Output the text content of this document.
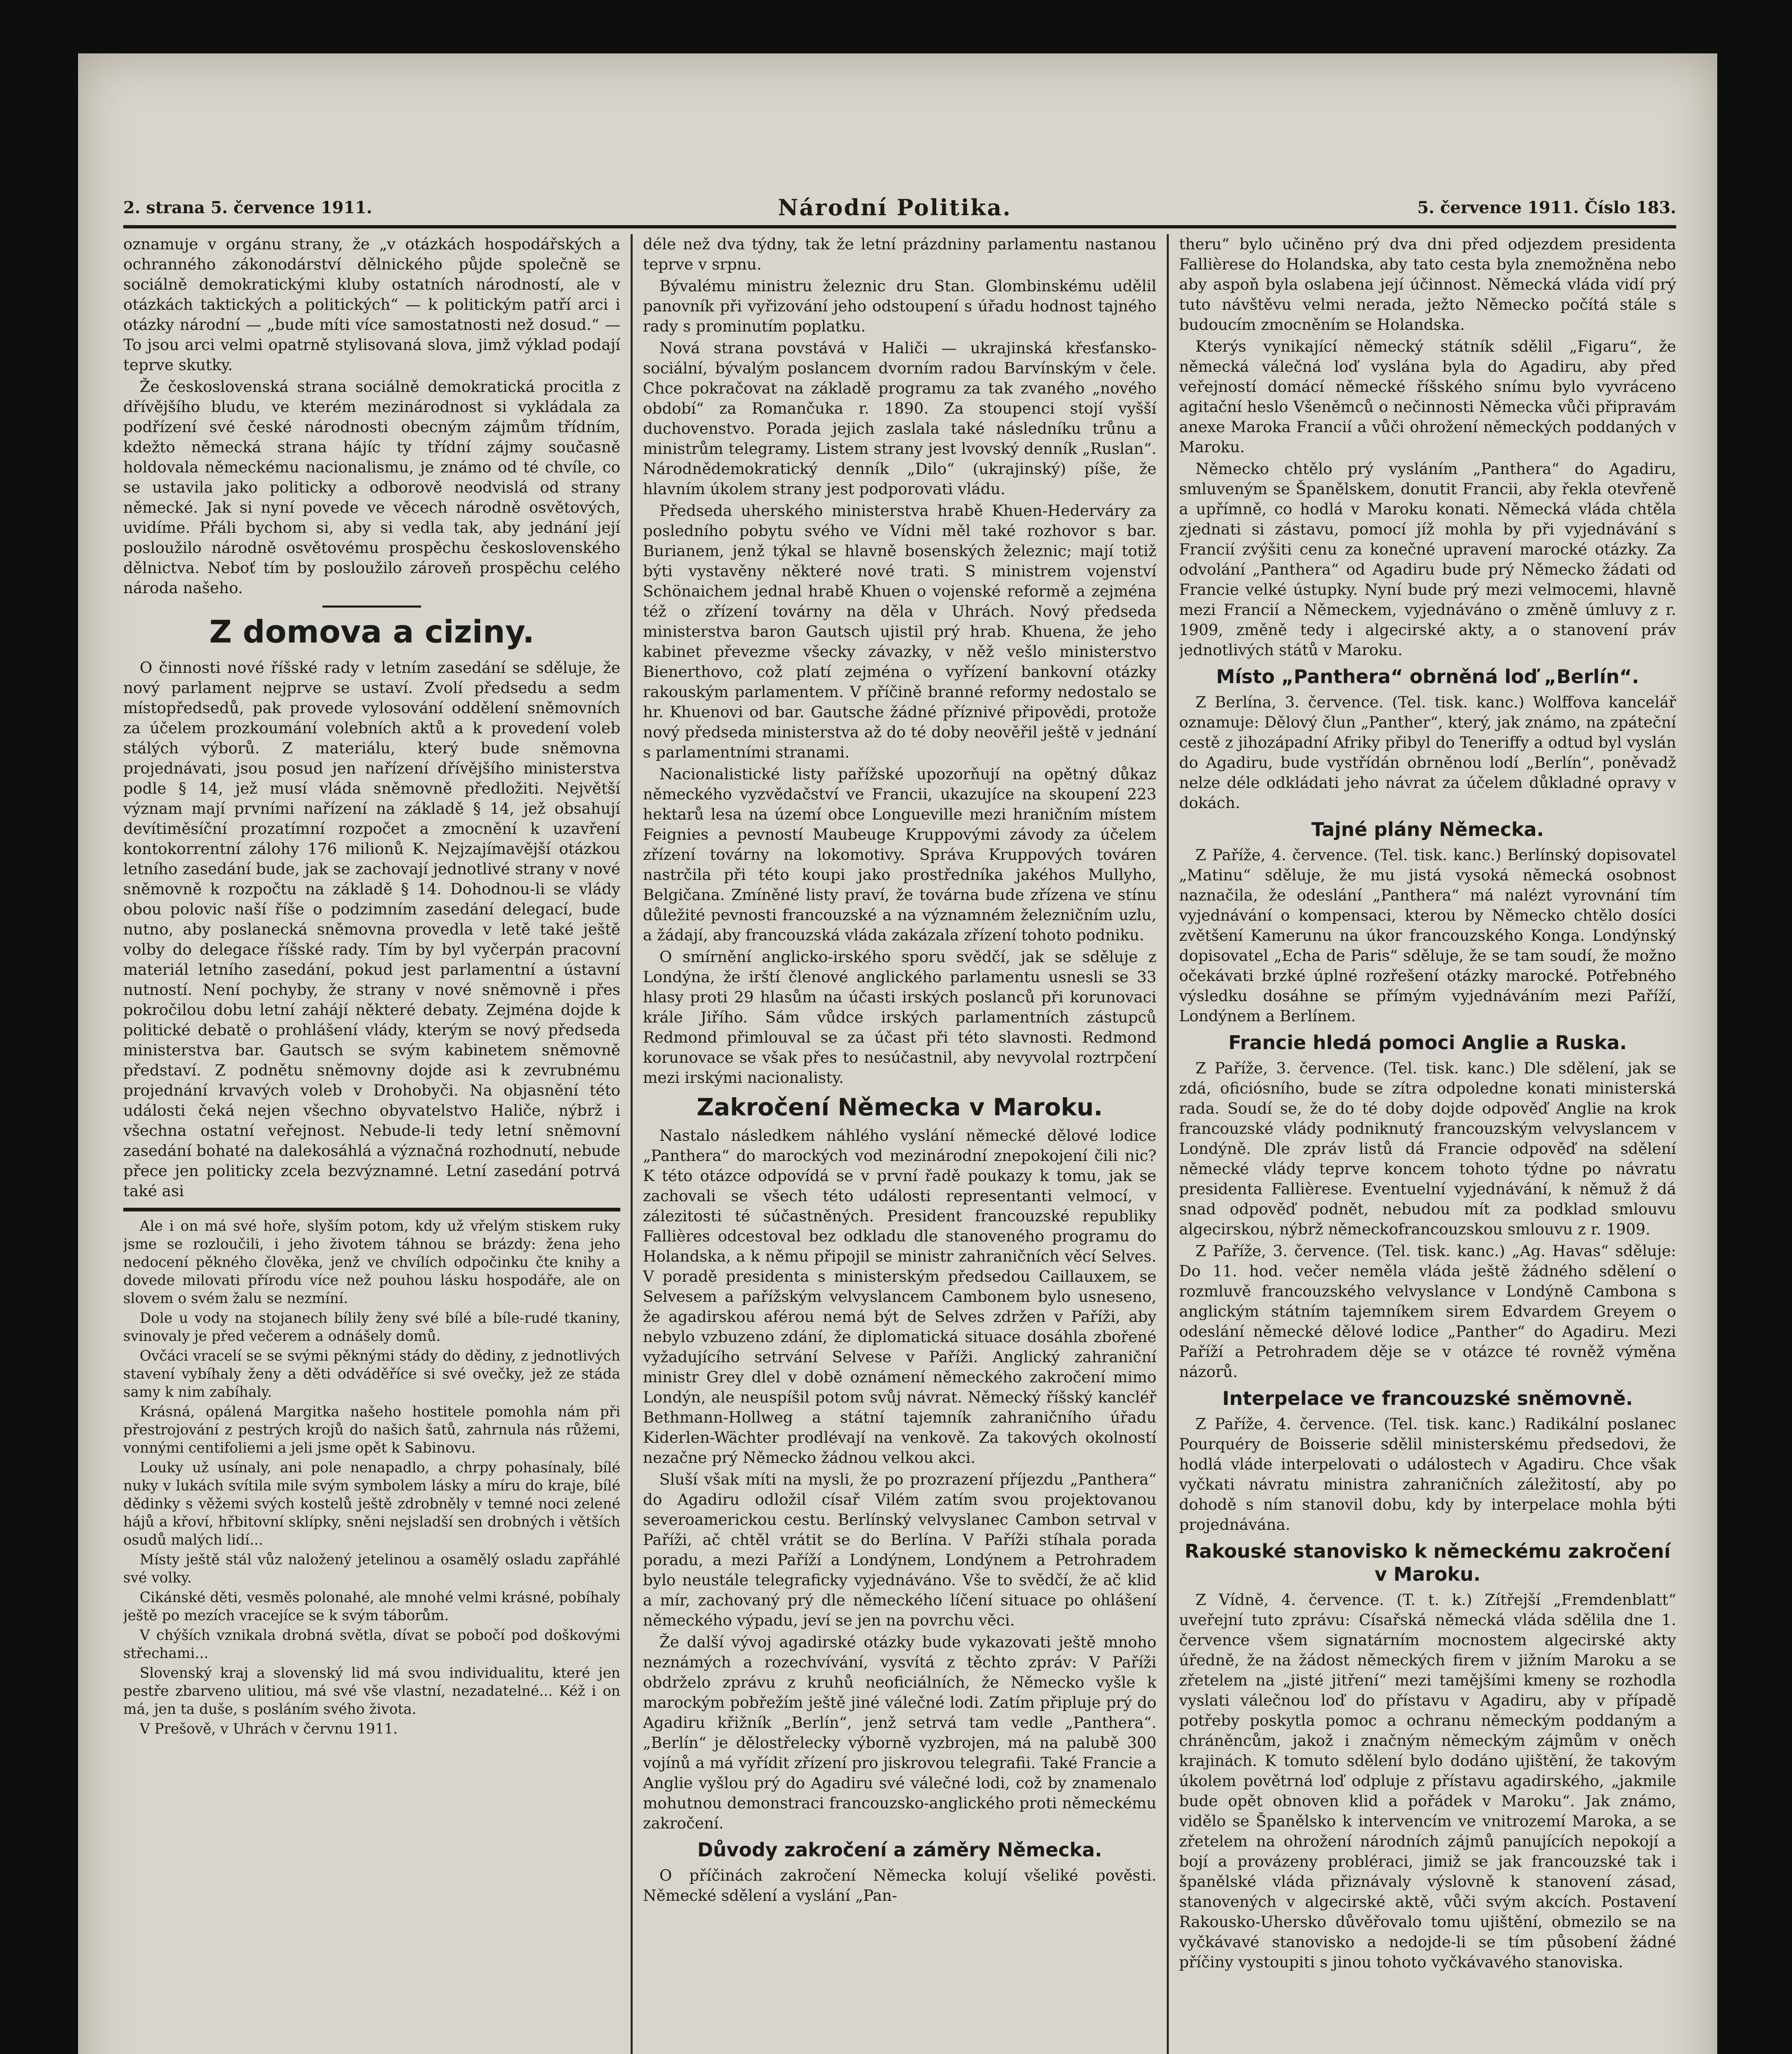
2. strana 5. července 1911.	Národní Politika.	5. července 1911. Číslo 183.

oznamuje v orgánu strany, že „v otázkách hospodářských a ochranného zákonodárství dělnického půjde společně se sociálně demokratickými kluby ostatních národností, ale v otázkách taktických a politických“ — k politickým patří arci i otázky národní — „bude míti více samostatnosti než dosud.“ — To jsou arci velmi opatrně stylisovaná slova, jimž výklad podají teprve skutky.

Že československá strana sociálně demokratická procitla z dřívějšího bludu, ve kterém mezinárodnost si vykládala za podřízení své české národnosti obecným zájmům třídním, kdežto německá strana hájíc ty třídní zájmy současně holdovala německému nacionalismu, je známo od té chvíle, co se ustavila jako politicky a odborově neodvislá od strany německé. Jak si nyní povede ve věcech národně osvětových, uvidíme. Přáli bychom si, aby si vedla tak, aby jednání její posloužilo národně osvětovému prospěchu československého dělnictva. Neboť tím by posloužilo zároveň prospěchu celého národa našeho.

Z domova a ciziny.

O činnosti nové říšské rady v letním zasedání se sděluje, že nový parlament nejprve se ustaví. Zvolí předsedu a sedm místopředsedů, pak provede vylosování oddělení sněmovních za účelem prozkoumání volebních aktů a k provedení voleb stálých výborů. Z materiálu, který bude sněmovna projednávati, jsou posud jen nařízení dřívějšího ministerstva podle § 14, jež musí vláda sněmovně předložiti. Největší význam mají prvními nařízení na základě § 14, jež obsahují devítiměsíční prozatímní rozpočet a zmocnění k uzavření kontokorrentní zálohy 176 milionů K. Nejzajímavější otázkou letního zasedání bude, jak se zachovají jednotlivé strany v nové sněmovně k rozpočtu na základě § 14. Dohodnou-li se vlády obou polovic naší říše o podzimním zasedání delegací, bude nutno, aby poslanecká sněmovna provedla v letě také ještě volby do delegace říšské rady. Tím by byl vyčerpán pracovní materiál letního zasedání, pokud jest parlamentní a ústavní nutností. Není pochyby, že strany v nové sněmovně i přes pokročilou dobu letní zahájí některé debaty. Zejména dojde k politické debatě o prohlášení vlády, kterým se nový předseda ministerstva bar. Gautsch se svým kabinetem sněmovně představí. Z podnětu sněmovny dojde asi k zevrubnému projednání krvavých voleb v Drohobyči. Na objasnění této události čeká nejen všechno obyvatelstvo Haliče, nýbrž i všechna ostatní veřejnost. Nebude-li tedy letní sněmovní zasedání bohaté na dalekosáhlá a význačná rozhodnutí, nebude přece jen politicky zcela bezvýznamné. Letní zasedání potrvá také asi

Ale i on má své hoře, slyším potom, kdy už vřelým stiskem ruky jsme se rozloučili, i jeho životem táhnou se brázdy: žena jeho nedocení pěkného člověka, jenž ve chvílích odpočinku čte knihy a dovede milovati přírodu více než pouhou lásku hospodáře, ale on slovem o svém žalu se nezmíní.

Dole u vody na stojanech bílily ženy své bílé a bíle-rudé tkaniny, svinovaly je před večerem a odnášely domů.

Ovčáci vracelí se se svými pěknými stády do dědiny, z jednotlivých stavení vybíhaly ženy a děti odváděříce si své ovečky, jež ze stáda samy k nim zabíhaly.

Krásná, opálená Margitka našeho hostitele pomohla nám při přestrojování z pestrých krojů do našich šatů, zahrnula nás růžemi, vonnými centifoliemi a jeli jsme opět k Sabinovu.

Louky už usínaly, ani pole nenapadlo, a chrpy pohasínaly, bílé nuky v lukách svítila mile svým symbolem lásky a míru do kraje, bílé dědinky s věžemi svých kostelů ještě zdrobněly v temné noci zelené hájů a křoví, hřbitovní sklípky, sněni nejsladší sen drobných i větších osudů malých lidí...

Místy ještě stál vůz naložený jetelinou a osamělý osladu zapřáhlé své volky.

Cikánské děti, vesměs polonahé, ale mnohé velmi krásné, pobíhaly ještě po mezích vracejíce se k svým táborům.

V chýších vznikala drobná světla, dívat se pobočí pod doškovými střechami...

Slovenský kraj a slovenský lid má svou individualitu, které jen pestře zbarveno ulitiou, má své vše vlastní, nezadatelné... Kéž i on má, jen ta duše, s posláním svého života.

V Prešově, v Uhrách v červnu 1911.

déle než dva týdny, tak že letní prázdniny parlamentu nastanou teprve v srpnu.

Bývalému ministru železnic dru Stan. Glombinskému udělil panovník při vyřizování jeho odstoupení s úřadu hodnost tajného rady s prominutím poplatku.

Nová strana povstává v Haliči — ukrajinská křesťansko-sociální, bývalým poslancem dvorním radou Barvínským v čele. Chce pokračovat na základě programu za tak zvaného „nového období“ za Romančuka r. 1890. Za stoupenci stojí vyšší duchovenstvo. Porada jejich zaslala také následníku trůnu a ministrům telegramy. Listem strany jest lvovský denník „Ruslan“. Národnědemokratický denník „Dilo“ (ukrajinský) píše, že hlavním úkolem strany jest podporovati vládu.

Předseda uherského ministerstva hrabě Khuen-Hederváry za posledního pobytu svého ve Vídni měl také rozhovor s bar. Burianem, jenž týkal se hlavně bosenských železnic; mají totiž býti vystavěny některé nové trati. S ministrem vojenství Schönaichem jednal hrabě Khuen o vojenské reformě a zejména též o zřízení továrny na děla v Uhrách. Nový předseda ministerstva baron Gautsch ujistil prý hrab. Khuena, že jeho kabinet převezme všecky závazky, v něž vešlo ministerstvo Bienerthovo, což platí zejména o vyřízení bankovní otázky rakouským parlamentem. V příčině branné reformy nedostalo se hr. Khuenovi od bar. Gautsche žádné příznivé připovědi, protože nový předseda ministerstva až do té doby neověřil ještě v jednání s parlamentními stranami.

Nacionalistické listy pařížské upozorňují na opětný důkaz německého vyzvědačství ve Francii, ukazujíce na skoupení 223 hektarů lesa na území obce Longueville mezi hraničním místem Feignies a pevností Maubeuge Kruppovými závody za účelem zřízení továrny na lokomotivy. Správa Kruppových továren nastrčila při této koupi jako prostředníka jakéhos Mullyho, Belgičana. Zmíněné listy praví, že továrna bude zřízena ve stínu důležité pevnosti francouzské a na významném železničním uzlu, a žádají, aby francouzská vláda zakázala zřízení tohoto podniku.

O smírnění anglicko-irského sporu svědčí, jak se sděluje z Londýna, že irští členové anglického parlamentu usnesli se 33 hlasy proti 29 hlasům na účasti irských poslanců při korunovaci krále Jiřího. Sám vůdce irských parlamentních zástupců Redmond přimlouval se za účast při této slavnosti. Redmond korunovace se však přes to nesúčastnil, aby nevyvolal roztrpčení mezi irskými nacionalisty.

Zakročení Německa v Maroku.

Nastalo následkem náhlého vyslání německé dělové lodice „Panthera“ do marockých vod mezinárodní znepokojení čili nic? K této otázce odpovídá se v první řadě poukazy k tomu, jak se zachovali se všech této události representanti velmocí, v zálezitosti té súčastněných. President francouzské republiky Fallières odcestoval bez odkladu dle stanoveného programu do Holandska, a k němu připojil se ministr zahraničních věcí Selves. V poradě presidenta s ministerským předsedou Caillauxem, se Selvesem a pařížským velvyslancem Cambonem bylo usneseno, že agadirskou aférou nemá být de Selves zdržen v Paříži, aby nebylo vzbuzeno zdání, že diplomatická situace dosáhla zbořené vyžadujícího setrvání Selvese v Paříži. Anglický zahraniční ministr Grey dlel v době oznámení německého zakročení mimo Londýn, ale neuspíšil potom svůj návrat. Německý říšský kancléř Bethmann-Hollweg a státní tajemník zahraničního úřadu Kiderlen-Wächter prodlévají na venkově. Za takových okolností nezačne prý Německo žádnou velkou akci.

Sluší však míti na mysli, že po prozrazení příjezdu „Panthera“ do Agadiru odložil císař Vilém zatím svou projektovanou severoamerickou cestu. Berlínský velvyslanec Cambon setrval v Paříži, ač chtěl vrátit se do Berlína. V Paříži stíhala porada poradu, a mezi Paříží a Londýnem, Londýnem a Petrohradem bylo neustále telegraficky vyjednáváno. Vše to svědčí, že ač klid a mír, zachovaný prý dle německého líčení situace po ohlášení německého výpadu, jeví se jen na povrchu věci.

Že další vývoj agadirské otázky bude vykazovati ještě mnoho neznámých a rozechvívání, vysvítá z těchto zpráv: V Paříži obdrželo zprávu z kruhů neoficiálních, že Německo vyšle k marockým pobřežím ještě jiné válečné lodi. Zatím připluje prý do Agadiru křižník „Berlín“, jenž setrvá tam vedle „Panthera“. „Berlín“ je dělostřelecky výborně vyzbrojen, má na palubě 300 vojínů a má vyřídit zřízení pro jiskrovou telegrafii. Také Francie a Anglie vyšlou prý do Agadiru své válečné lodi, což by znamenalo mohutnou demonstraci francouzsko-anglického proti německému zakročení.

Důvody zakročení a záměry Německa.

O příčinách zakročení Německa kolují všeliké pověsti. Německé sdělení a vyslání „Pan-

theru“ bylo učiněno prý dva dni před odjezdem presidenta Fallièrese do Holandska, aby tato cesta byla znemožněna nebo aby aspoň byla oslabena její účinnost. Německá vláda vidí prý tuto návštěvu velmi nerada, ježto Německo počítá stále s budoucím zmocněním se Holandska.

Kterýs vynikající německý státník sdělil „Figaru“, že německá válečná loď vyslána byla do Agadiru, aby před veřejností domácí německé říšského snímu bylo vyvráceno agitační heslo Všeněmců o nečinnosti Německa vůči připravám anexe Maroka Francií a vůči ohrožení německých poddaných v Maroku.

Německo chtělo prý vysláním „Panthera“ do Agadiru, smluveným se Španělskem, donutit Francii, aby řekla otevřeně a upřímně, co hodlá v Maroku konati. Německá vláda chtěla zjednati si zástavu, pomocí jíž mohla by při vyjednávání s Francií zvýšiti cenu za konečné upravení marocké otázky. Za odvolání „Panthera“ od Agadiru bude prý Německo žádati od Francie velké ústupky. Nyní bude prý mezi velmocemi, hlavně mezi Francií a Německem, vyjednáváno o změně úmluvy z r. 1909, změně tedy i algecirské akty, a o stanovení práv jednotlivých států v Maroku.

Místo „Panthera“ obrněná loď „Berlín“.

Z Berlína, 3. července. (Tel. tisk. kanc.) Wolffova kancelář oznamuje: Dělový člun „Panther“, který, jak známo, na zpáteční cestě z jihozápadní Afriky přibyl do Teneriffy a odtud byl vyslán do Agadiru, bude vystřídán obrněnou lodí „Berlín“, poněvadž nelze déle odkládati jeho návrat za účelem důkladné opravy v dokách.

Tajné plány Německa.

Z Paříže, 4. července. (Tel. tisk. kanc.) Berlínský dopisovatel „Matinu“ sděluje, že mu jistá vysoká německá osobnost naznačila, že odeslání „Panthera“ má nalézt vyrovnání tím vyjednávání o kompensaci, kterou by Německo chtělo dosíci zvětšení Kamerunu na úkor francouzského Konga. Londýnský dopisovatel „Echa de Paris“ sděluje, že se tam soudí, že možno očekávati brzké úplné rozřešení otázky marocké. Potřebného výsledku dosáhne se přímým vyjednáváním mezi Paříží, Londýnem a Berlínem.

Francie hledá pomoci Anglie a Ruska.

Z Paříže, 3. července. (Tel. tisk. kanc.) Dle sdělení, jak se zdá, oficiósního, bude se zítra odpoledne konati ministerská rada. Soudí se, že do té doby dojde odpověď Anglie na krok francouzské vlády podniknutý francouzským velvyslancem v Londýně. Dle zpráv listů dá Francie odpověď na sdělení německé vlády teprve koncem tohoto týdne po návratu presidenta Fallièrese. Eventuelní vyjednávání, k němuž ž dá snad odpověď podnět, nebudou mít za podklad smlouvu algecirskou, nýbrž německofrancouzskou smlouvu z r. 1909.

Z Paříže, 3. července. (Tel. tisk. kanc.) „Ag. Havas“ sděluje: Do 11. hod. večer neměla vláda ještě žádného sdělení o rozmluvě francouzského velvyslance v Londýně Cambona s anglickým státním tajemníkem sirem Edvardem Greyem o odeslání německé dělové lodice „Panther“ do Agadiru. Mezi Paříží a Petrohradem děje se v otázce té rovněž výměna názorů.

Interpelace ve francouzské sněmovně.

Z Paříže, 4. července. (Tel. tisk. kanc.) Radikální poslanec Pourquéry de Boisserie sdělil ministerskému předsedovi, že hodlá vláde interpelovati o událostech v Agadiru. Chce však vyčkati návratu ministra zahraničních záležitostí, aby po dohodě s ním stanovil dobu, kdy by interpelace mohla býti projednávána.

Rakouské stanovisko k německému zakročení v Maroku.

Z Vídně, 4. července. (T. t. k.) Zítřejší „Fremdenblatt“ uveřejní tuto zprávu: Císařská německá vláda sdělila dne 1. července všem signatárním mocnostem algecirské akty úředně, že na žádost německých firem v jižním Maroku a se zřetelem na „jisté jitření“ mezi tamějšími kmeny se rozhodla vyslati válečnou loď do přístavu v Agadiru, aby v případě potřeby poskytla pomoc a ochranu německým poddaným a chráněncům, jakož i značným německým zájmům v oněch krajinách. K tomuto sdělení bylo dodáno ujištění, že takovým úkolem povětrná loď odpluje z přístavu agadirského, „jakmile bude opět obnoven klid a pořádek v Maroku“. Jak známo, vidělo se Španělsko k intervencím ve vnitrozemí Maroka, a se zřetelem na ohrožení národních zájmů panujících nepokojí a bojí a provázeny probléraci, jimiž se jak francouzské tak i španělské vláda přiznávaly výslovně k stanovení zásad, stanovených v algecirské aktě, vůči svým akcích. Postavení Rakousko-Uhersko důvěřovalo tomu ujištění, obmezilo se na vyčkávavé stanovisko a nedojde-li se tím působení žádné příčiny vystoupiti s jinou tohoto vyčkávavého stanoviska.
